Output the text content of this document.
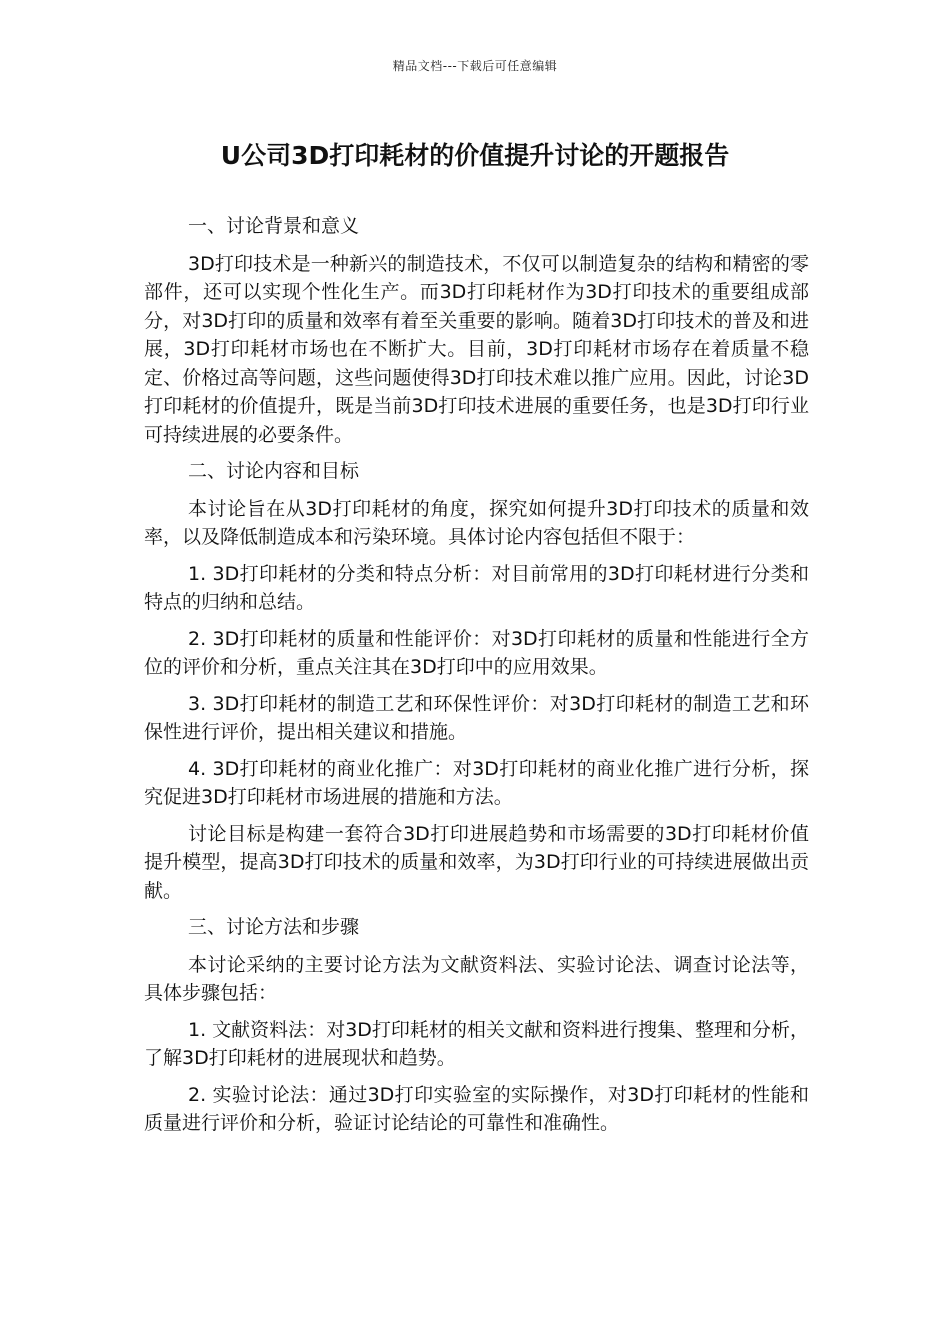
精品文档---下载后可任意编辑
U公司3D打印耗材的价值提升讨论的开题报告

一、讨论背景和意义

3D打印技术是一种新兴的制造技术，不仅可以制造复杂的结构和精密的零部件，还可以实现个性化生产。而3D打印耗材作为3D打印技术的重要组成部分，对3D打印的质量和效率有着至关重要的影响。随着3D打印技术的普及和进展，3D打印耗材市场也在不断扩大。目前，3D打印耗材市场存在着质量不稳定、价格过高等问题，这些问题使得3D打印技术难以推广应用。因此，讨论3D打印耗材的价值提升，既是当前3D打印技术进展的重要任务，也是3D打印行业可持续进展的必要条件。

二、讨论内容和目标

本讨论旨在从3D打印耗材的角度，探究如何提升3D打印技术的质量和效率，以及降低制造成本和污染环境。具体讨论内容包括但不限于：

1. 3D打印耗材的分类和特点分析：对目前常用的3D打印耗材进行分类和特点的归纳和总结。

2. 3D打印耗材的质量和性能评价：对3D打印耗材的质量和性能进行全方位的评价和分析，重点关注其在3D打印中的应用效果。

3. 3D打印耗材的制造工艺和环保性评价：对3D打印耗材的制造工艺和环保性进行评价，提出相关建议和措施。

4. 3D打印耗材的商业化推广：对3D打印耗材的商业化推广进行分析，探究促进3D打印耗材市场进展的措施和方法。

讨论目标是构建一套符合3D打印进展趋势和市场需要的3D打印耗材价值提升模型，提高3D打印技术的质量和效率，为3D打印行业的可持续进展做出贡献。

三、讨论方法和步骤

本讨论采纳的主要讨论方法为文献资料法、实验讨论法、调查讨论法等，具体步骤包括：

1. 文献资料法：对3D打印耗材的相关文献和资料进行搜集、整理和分析，了解3D打印耗材的进展现状和趋势。

2. 实验讨论法：通过3D打印实验室的实际操作，对3D打印耗材的性能和质量进行评价和分析，验证讨论结论的可靠性和准确性。
